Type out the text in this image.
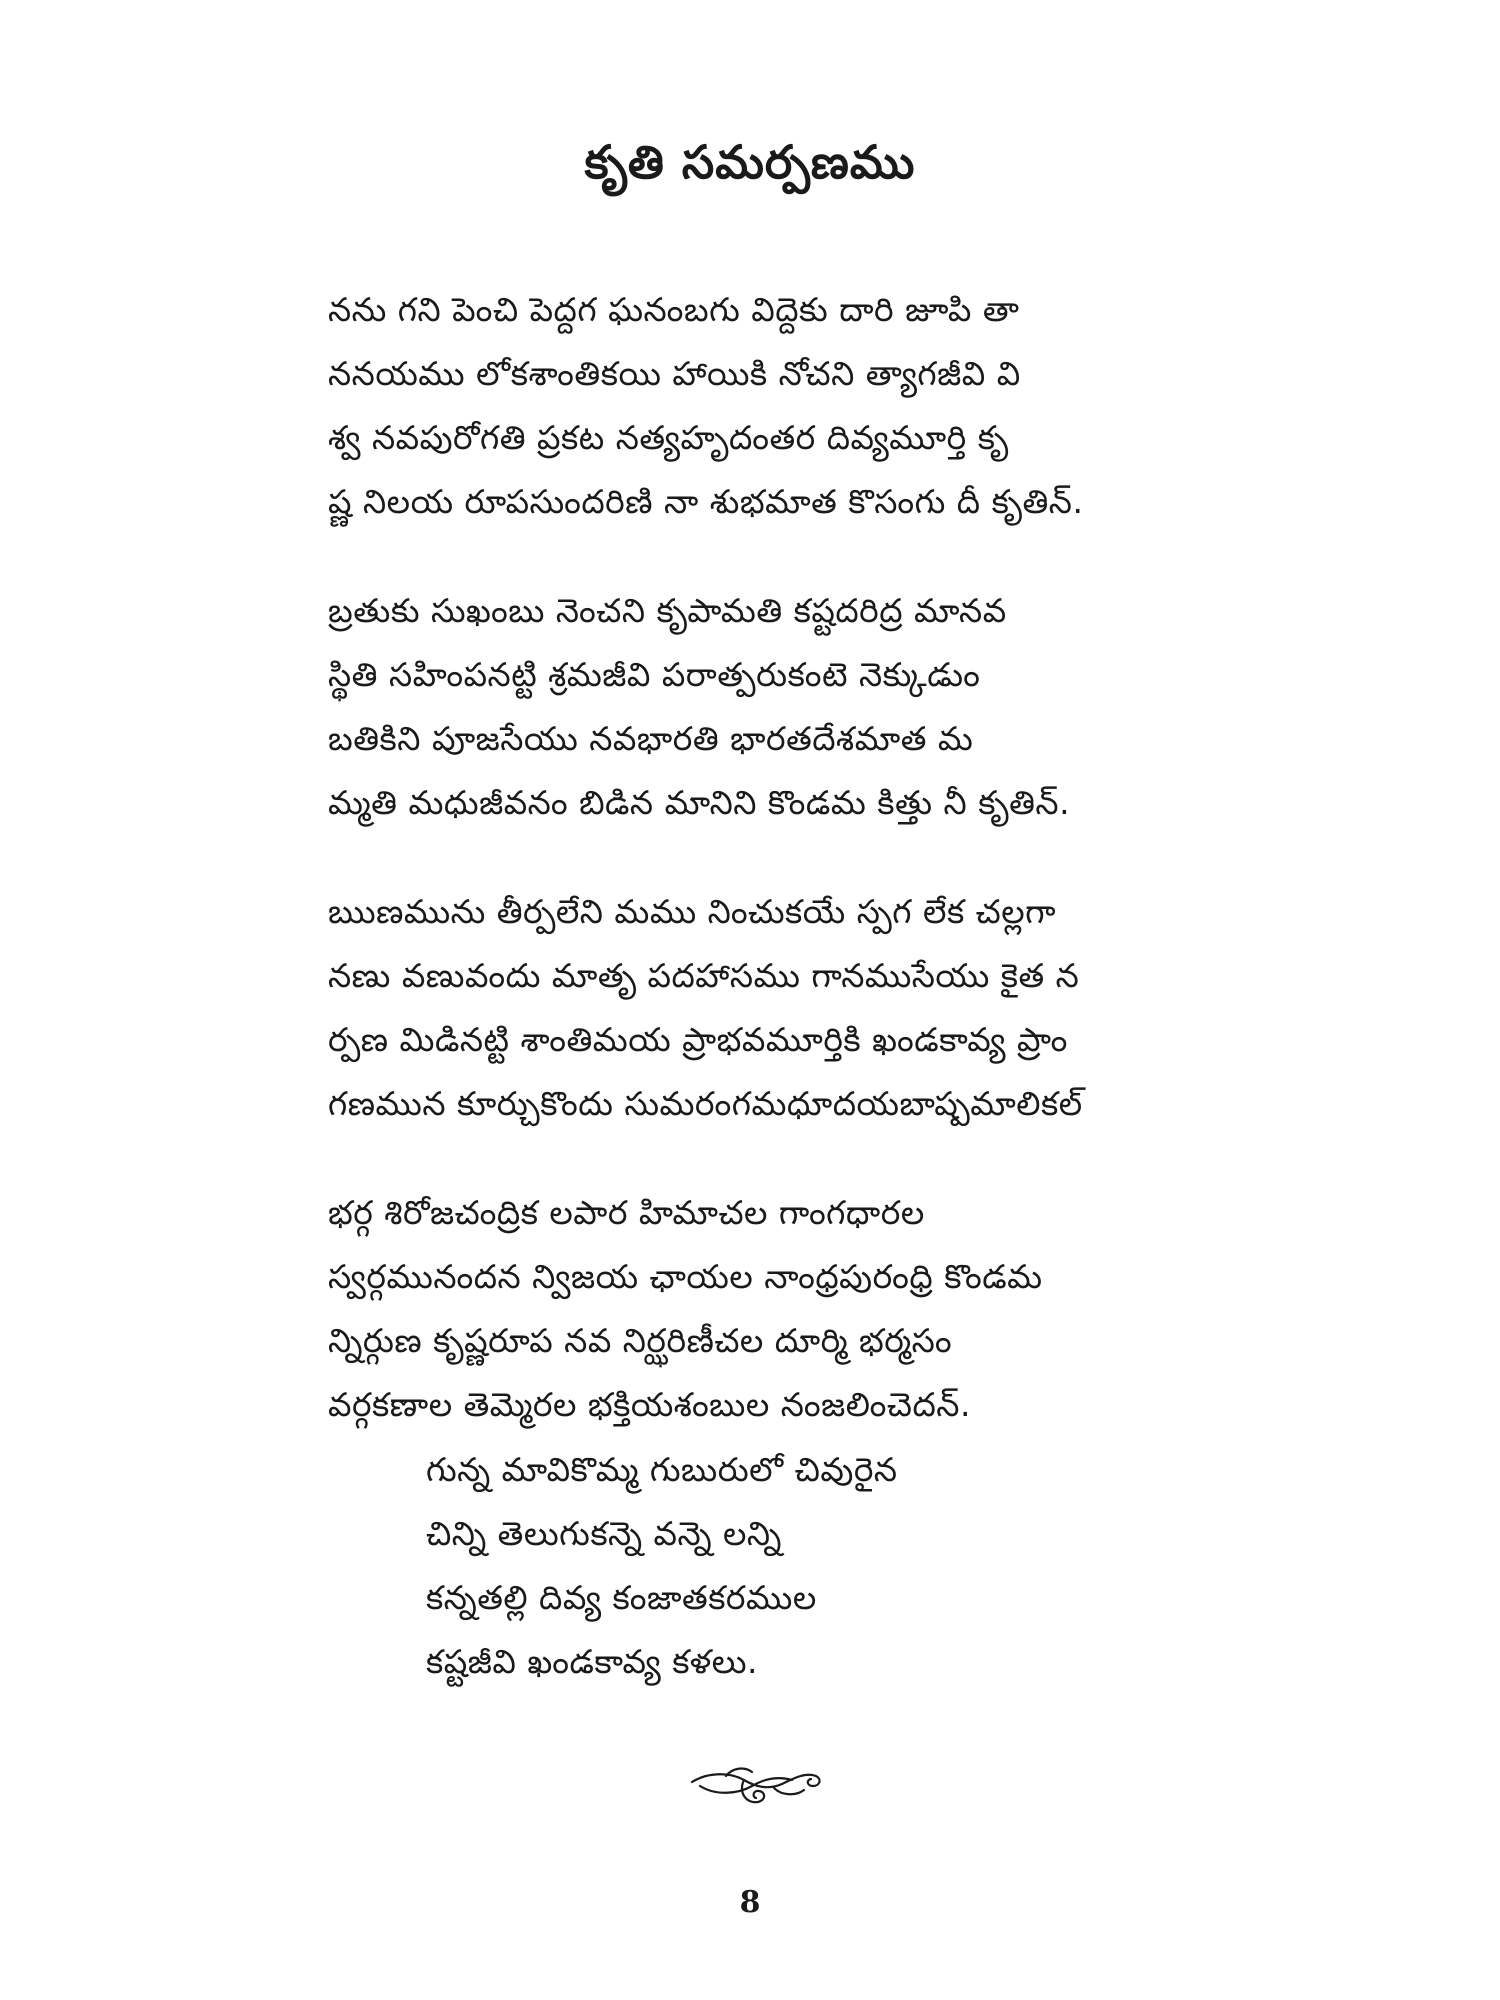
కృతి సమర్పణము
నను గని పెంచి పెద్దగ ఘనంబగు విద్దెకు దారి జూపి తా
ననయము లోకశాంతికయి హాయికి నోచని త్యాగజీవి వి
శ్వ నవపురోగతి ప్రకట నత్యహృదంతర దివ్యమూర్తి కృ
ష్ణ నిలయ రూపసుందరిణి నా శుభమాత కొసంగు దీ కృతిన్.
బ్రతుకు సుఖంబు నెంచని కృపామతి కష్టదరిద్ర మానవ
స్థితి సహింపనట్టి శ్రమజీవి పరాత్పరుకంటె నెక్కుడుం
బతికిని పూజసేయు నవభారతి భారతదేశమాత మ
మ్మతి మధుజీవనం బిడిన మానిని కొండమ కిత్తు నీ కృతిన్.
ఋణమును తీర్పలేని మము నించుకయే స్పగ లేక చల్లగా
నణు వణువందు మాతృ పదహాసము గానముసేయు కైత న
ర్పణ మిడినట్టి శాంతిమయ ప్రాభవమూర్తికి ఖండకావ్య ప్రాం
గణమున కూర్చుకొందు సుమరంగమధూదయబాష్పమాలికల్
భర్గ శిరోజచంద్రిక లపార హిమాచల గాంగధారల
స్వర్గమునందన న్విజయ ఛాయల నాంధ్రపురంధ్రి కొండమ
న్నిర్గుణ కృష్ణరూప నవ నిర్ఝరిణీచల దూర్మి భర్మసం
వర్గకణాల తెమ్మెరల భక్తియశంబుల నంజలించెదన్.
గున్న మావికొమ్మ గుబురులో చివురైన
చిన్ని తెలుగుకన్నె వన్నె లన్ని
కన్నతల్లి దివ్య కంజాతకరముల
కష్టజీవి ఖండకావ్య కళలు.
8
